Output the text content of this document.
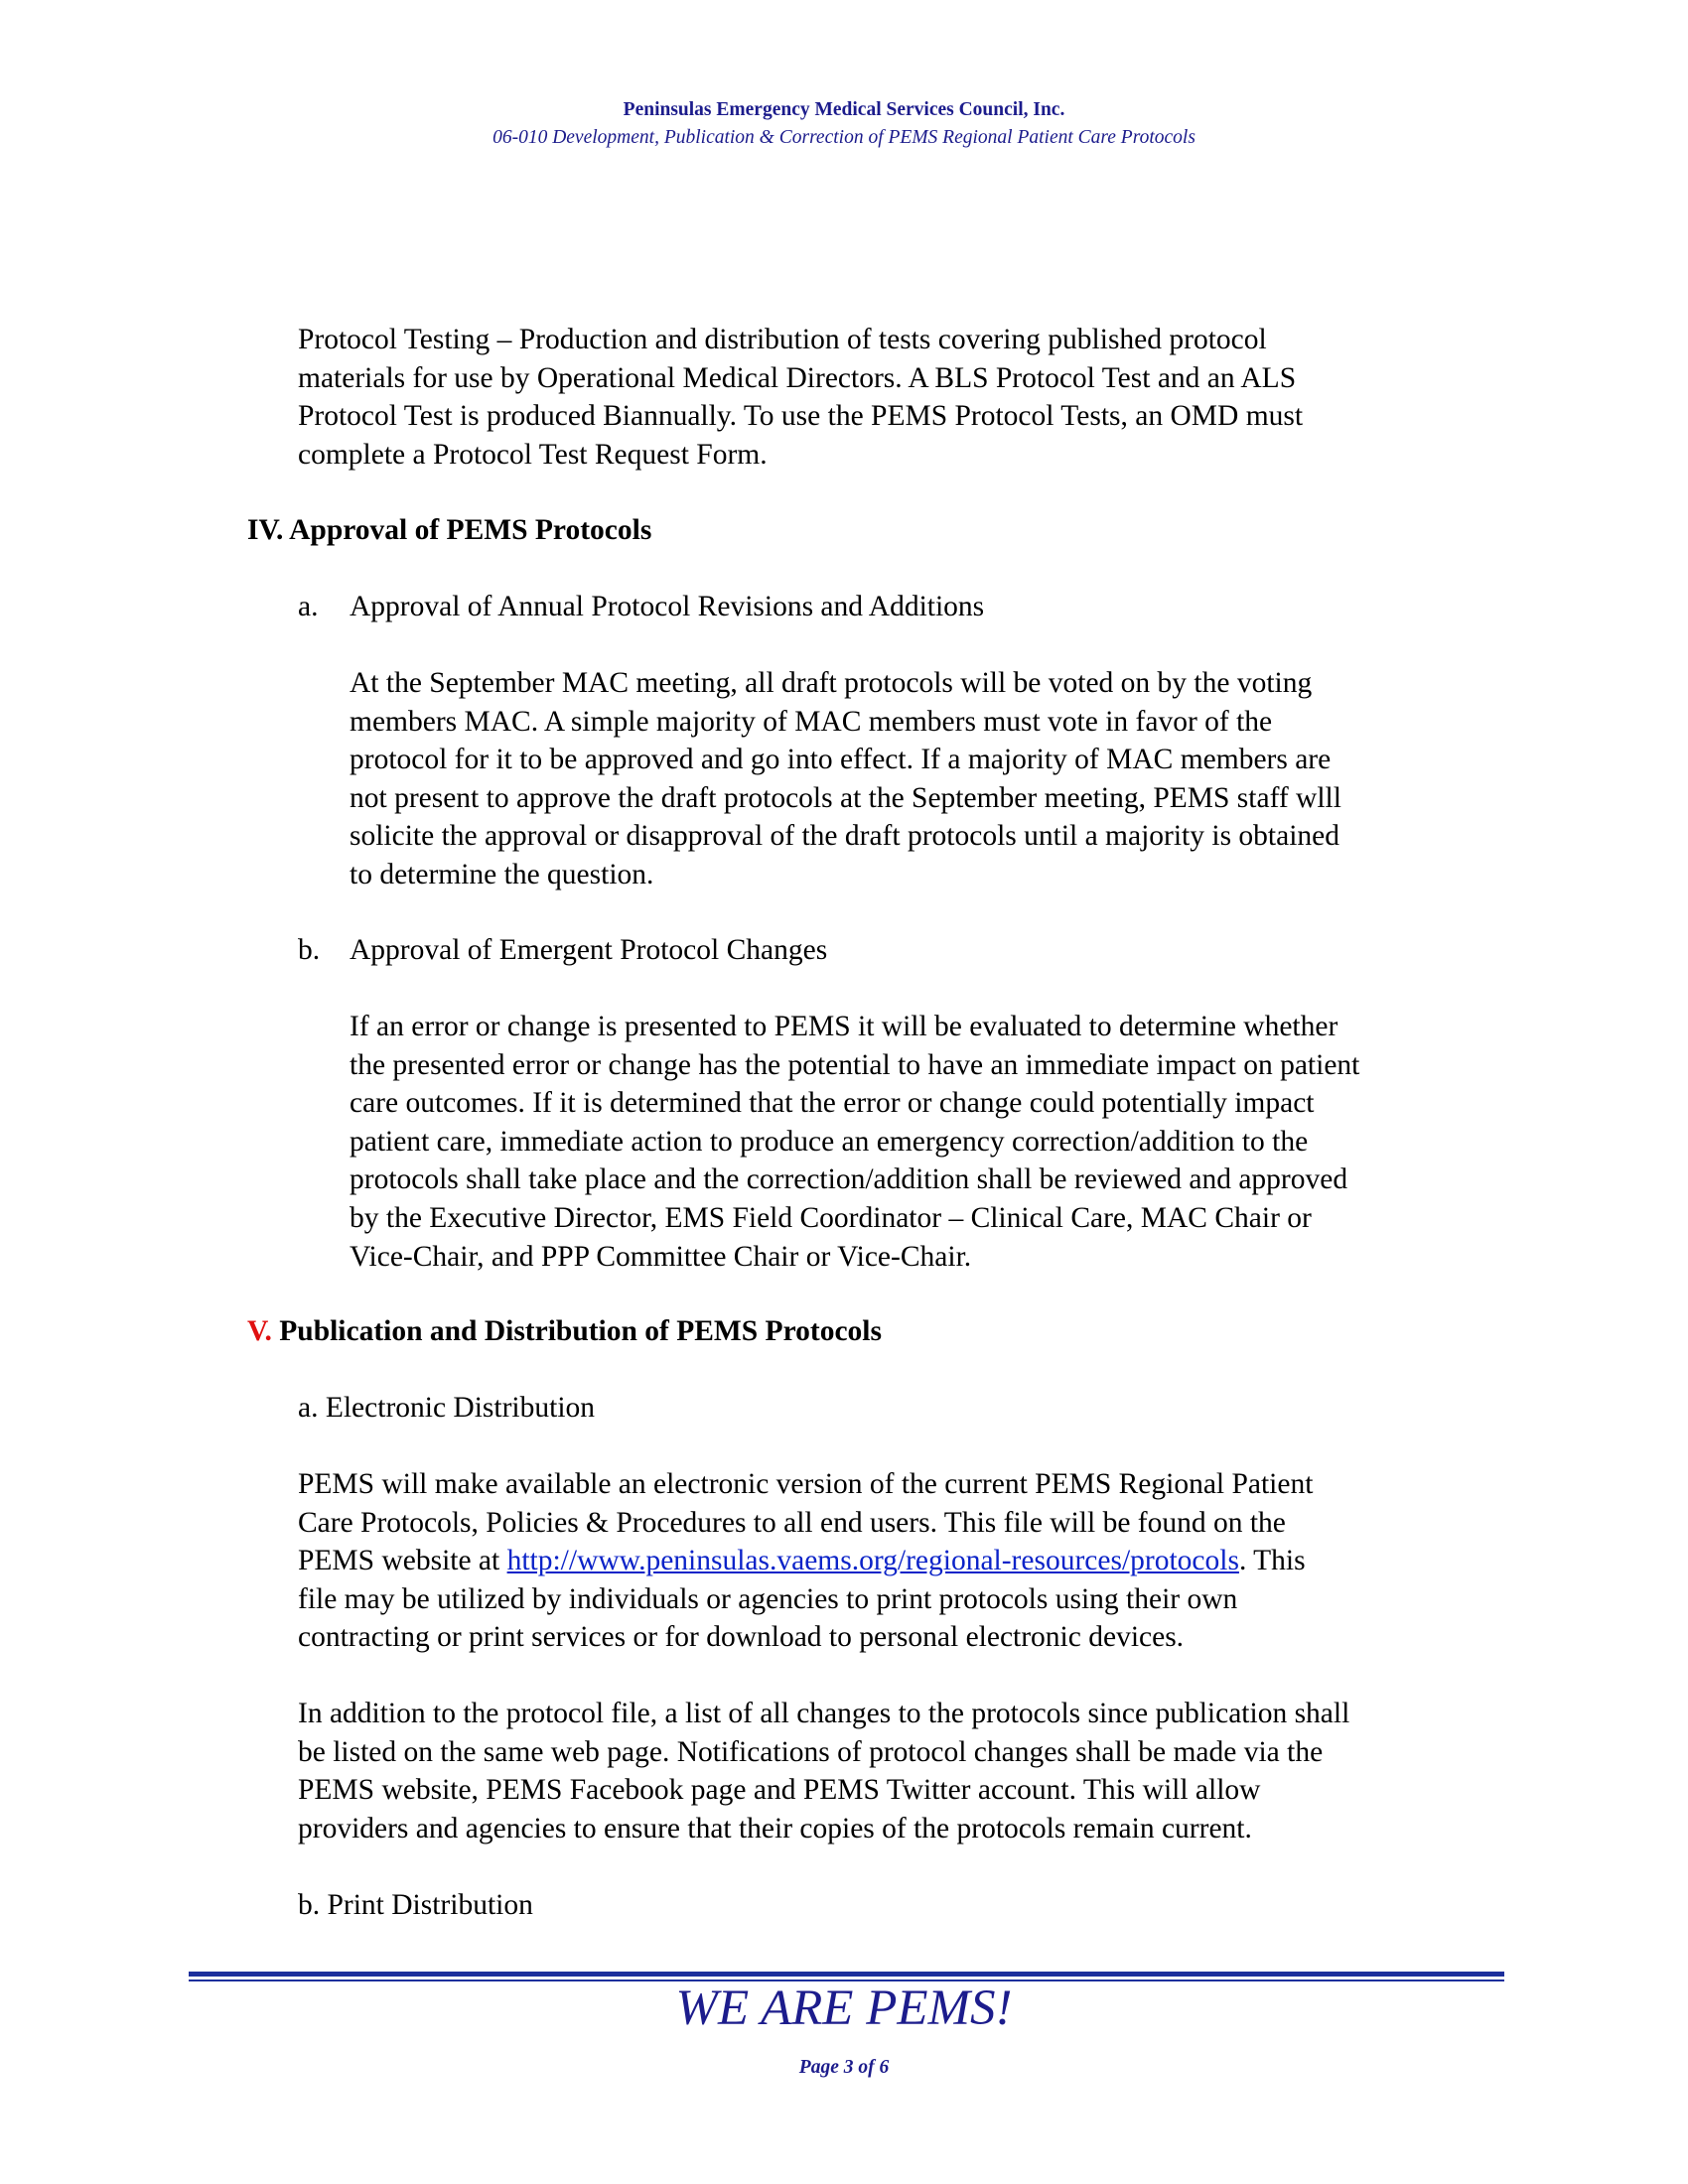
Peninsulas Emergency Medical Services Council, Inc.
06-010 Development, Publication & Correction of PEMS Regional Patient Care Protocols
Protocol Testing – Production and distribution of tests covering published protocol
materials for use by Operational Medical Directors. A BLS Protocol Test and an ALS
Protocol Test is produced Biannually. To use the PEMS Protocol Tests, an OMD must
complete a Protocol Test Request Form.
IV. Approval of PEMS Protocols
a. Approval of Annual Protocol Revisions and Additions
At the September MAC meeting, all draft protocols will be voted on by the voting
members MAC. A simple majority of MAC members must vote in favor of the
protocol for it to be approved and go into effect. If a majority of MAC members are
not present to approve the draft protocols at the September meeting, PEMS staff wlll
solicite the approval or disapproval of the draft protocols until a majority is obtained
to determine the question.
b. Approval of Emergent Protocol Changes
If an error or change is presented to PEMS it will be evaluated to determine whether
the presented error or change has the potential to have an immediate impact on patient
care outcomes. If it is determined that the error or change could potentially impact
patient care, immediate action to produce an emergency correction/addition to the
protocols shall take place and the correction/addition shall be reviewed and approved
by the Executive Director, EMS Field Coordinator – Clinical Care, MAC Chair or
Vice-Chair, and PPP Committee Chair or Vice-Chair.
V. Publication and Distribution of PEMS Protocols
a. Electronic Distribution
PEMS will make available an electronic version of the current PEMS Regional Patient
Care Protocols, Policies & Procedures to all end users. This file will be found on the
PEMS website at http://www.peninsulas.vaems.org/regional-resources/protocols. This
file may be utilized by individuals or agencies to print protocols using their own
contracting or print services or for download to personal electronic devices.
In addition to the protocol file, a list of all changes to the protocols since publication shall
be listed on the same web page. Notifications of protocol changes shall be made via the
PEMS website, PEMS Facebook page and PEMS Twitter account. This will allow
providers and agencies to ensure that their copies of the protocols remain current.
b. Print Distribution
WE ARE PEMS!
Page 3 of 6
